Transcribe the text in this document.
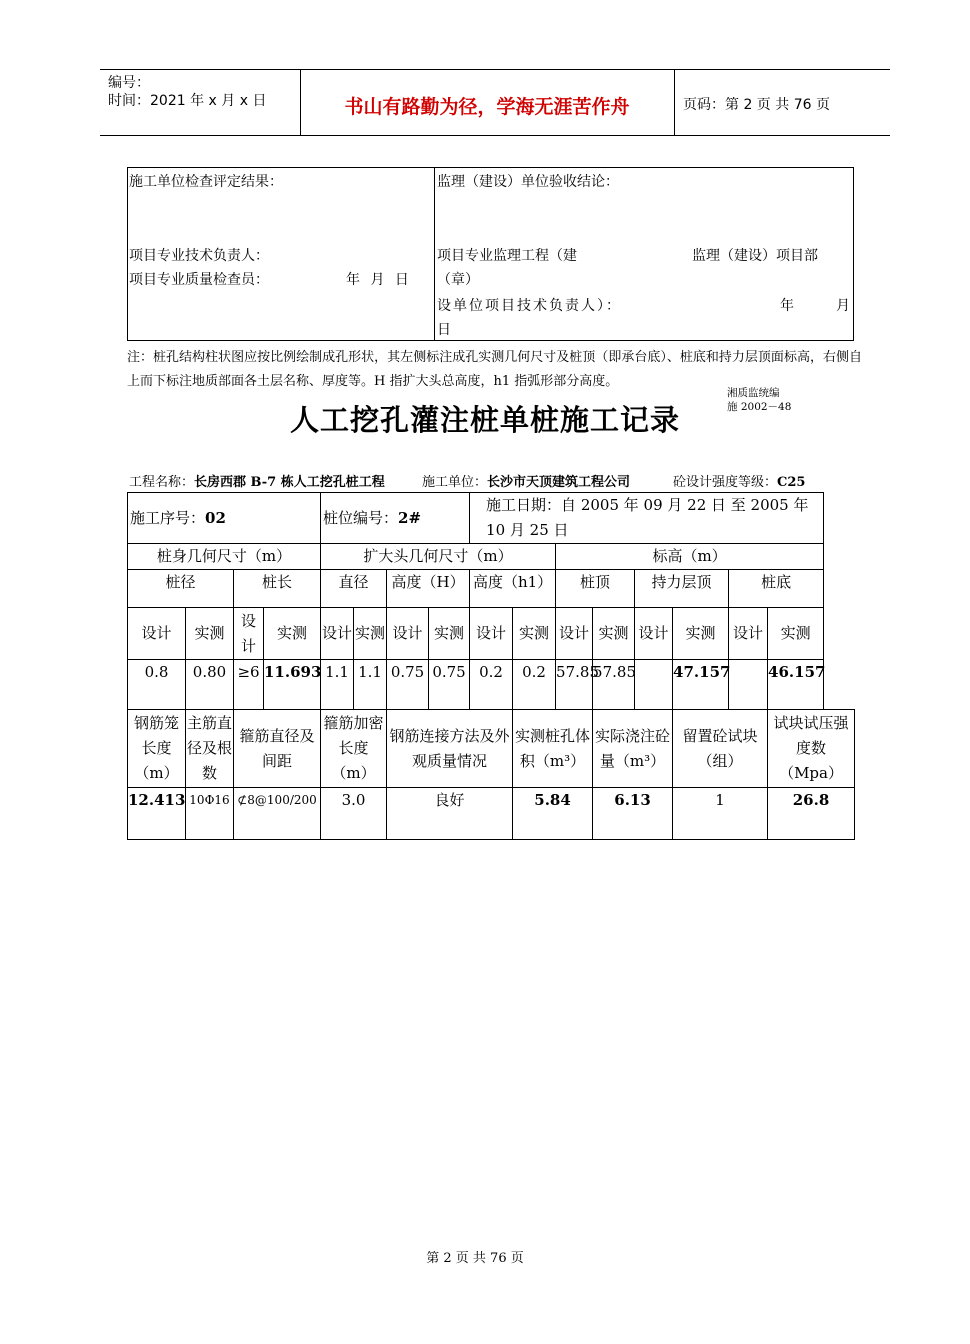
编号：
时间：2021 年 x 月 x 日	书山有路勤为径，学海无涯苦作舟	页码：第 2 页 共 76 页
施工单位检查评定结果：
项目专业技术负责人：
项目专业质量检查员：	年 月 日
监理（建设）单位验收结论：
项目专业监理工程（建	监理（建设）项目部
（章）
设单位项目技术负责人）：	年	月
日
注：桩孔结构柱状图应按比例绘制成孔形状，其左侧标注成孔实测几何尺寸及桩顶（即承台底）、桩底和持力层顶面标高，右侧自上而下标注地质部面各土层名称、厚度等。H 指扩大头总高度，h1 指弧形部分高度。
湘质监统编
施 2002－48
人工挖孔灌注桩单桩施工记录
工程名称：长房西郡 B-7 栋人工挖孔桩工程	施工单位：长沙市天顶建筑工程公司	砼设计强度等级：C25
施工序号：02				桩位编号：2#				施工日期：自 2005 年 09 月 22 日 至 2005 年 10 月 25 日							
桩身几何尺寸（m）				扩大头几何尺寸（m）						标高（m）					
桩径		桩长		直径		高度（H）		高度（h1）		桩顶		持力层顶		桩底	
设计	实测	设计	实测	设计	实测	设计	实测	设计	实测	设计	实测	设计	实测	设计	实测
0.8	0.80	≥6	11.693	1.1	1.1	0.75	0.75	0.2	0.2	57.85	57.85		47.157		46.157
钢筋笼长度（m）	主筋直径及根数	箍筋直径及间距		箍筋加密长度（m）		钢筋连接方法及外观质量情况			实测桩孔体积（m³）		实际浇注砼量（m³）		留置砼试块（组）		试块试压强度数（Mpa）
12.413	10Φ16	⊄8@100/200		3.0		良好			5.84		6.13		1		26.8
第 2 页 共 76 页
